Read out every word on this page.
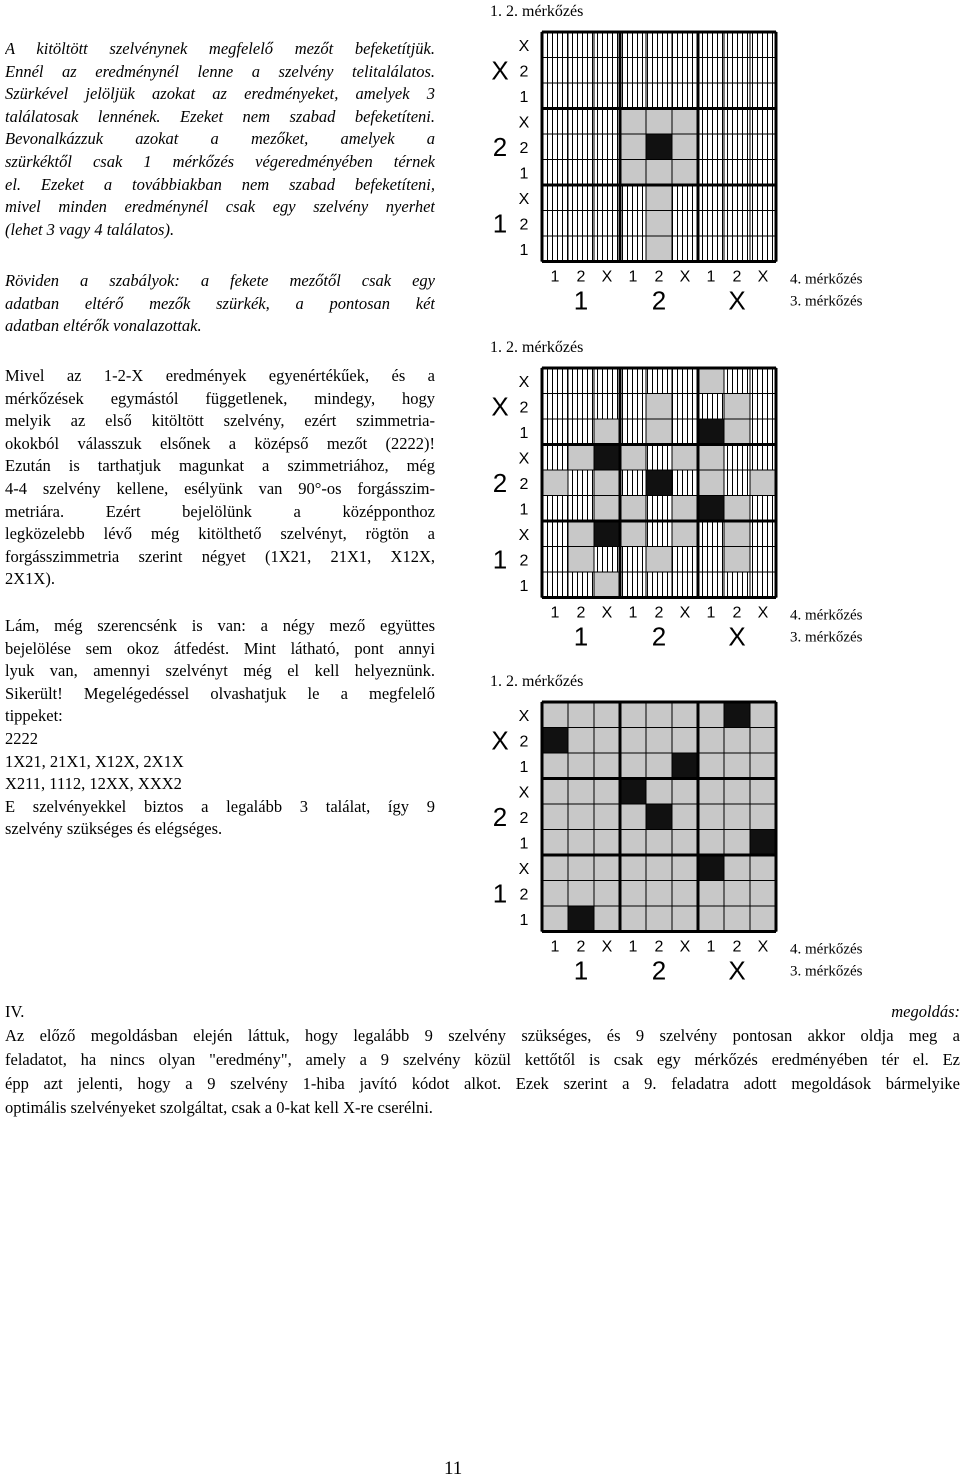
A kitöltött szelvénynek megfelelő mezőt befeketítjük.
Ennél az eredménynél lenne a szelvény telitalálatos.
Szürkével jelöljük azokat az eredményeket, amelyek 3
találatosak lennének. Ezeket nem szabad befeketíteni.
Bevonalkázzuk azokat a mezőket, amelyek a
szürkéktől csak 1 mérkőzés végeredményében térnek
el. Ezeket a továbbiakban nem szabad befeketíteni,
mivel minden eredménynél csak egy szelvény nyerhet
(lehet 3 vagy 4 találatos).
Röviden a szabályok: a fekete mezőtől csak egy
adatban eltérő mezők szürkék, a pontosan két
adatban eltérők vonalazottak.
Mivel az 1-2-X eredmények egyenértékűek, és a
mérkőzések egymástól függetlenek, mindegy, hogy
melyik az első kitöltött szelvény, ezért szimmetria-
okokból válasszuk elsőnek a középső mezőt (2222)!
Ezután is tarthatjuk magunkat a szimmetriához, még
4-4 szelvény kellene, esélyünk van 90°-os forgásszim-
metriára. Ezért bejelölünk a középponthoz
legközelebb lévő még kitölthető szelvényt, rögtön a
forgásszimmetria szerint négyet (1X21, 21X1, X12X,
2X1X).
Lám, még szerencsénk is van: a négy mező együttes
bejelölése sem okoz átfedést. Mint látható, pont annyi
lyuk van, amennyi szelvényt még el kell helyeznünk.
Sikerült! Megelégedéssel olvashatjuk le a megfelelő
tippeket:
2222
1X21, 21X1, X12X, 2X1X
X211, 1112, 12XX, XXX2
E szelvényekkel biztos a legalább 3 találat, így 9
szelvény szükséges és elégséges.
1. 2. mérkőzés
X
2
1
X
2
1
X
2
1
X
2
1
1 2 X 1 2 X 1 2 X
1 2 X
4. mérkőzés
3. mérkőzés
1. 2. mérkőzés
X
2
1
X
2
1
X
2
1
X
2
1
1 2 X 1 2 X 1 2 X
1 2 X
4. mérkőzés
3. mérkőzés
1. 2. mérkőzés
X
2
1
X
2
1
X
2
1
X
2
1
1 2 X 1 2 X 1 2 X
1 2 X
4. mérkőzés
3. mérkőzés
IV.	megoldás:
Az előző megoldásban elején láttuk, hogy legalább 9 szelvény szükséges, és 9 szelvény pontosan akkor oldja meg a
feladatot, ha nincs olyan "eredmény", amely a 9 szelvény közül kettőtől is csak egy mérkőzés eredményében tér el. Ez
épp azt jelenti, hogy a 9 szelvény 1-hiba javító kódot alkot. Ezek szerint a 9. feladatra adott megoldások bármelyike
optimális szelvényeket szolgáltat, csak a 0-kat kell X-re cserélni.
11
